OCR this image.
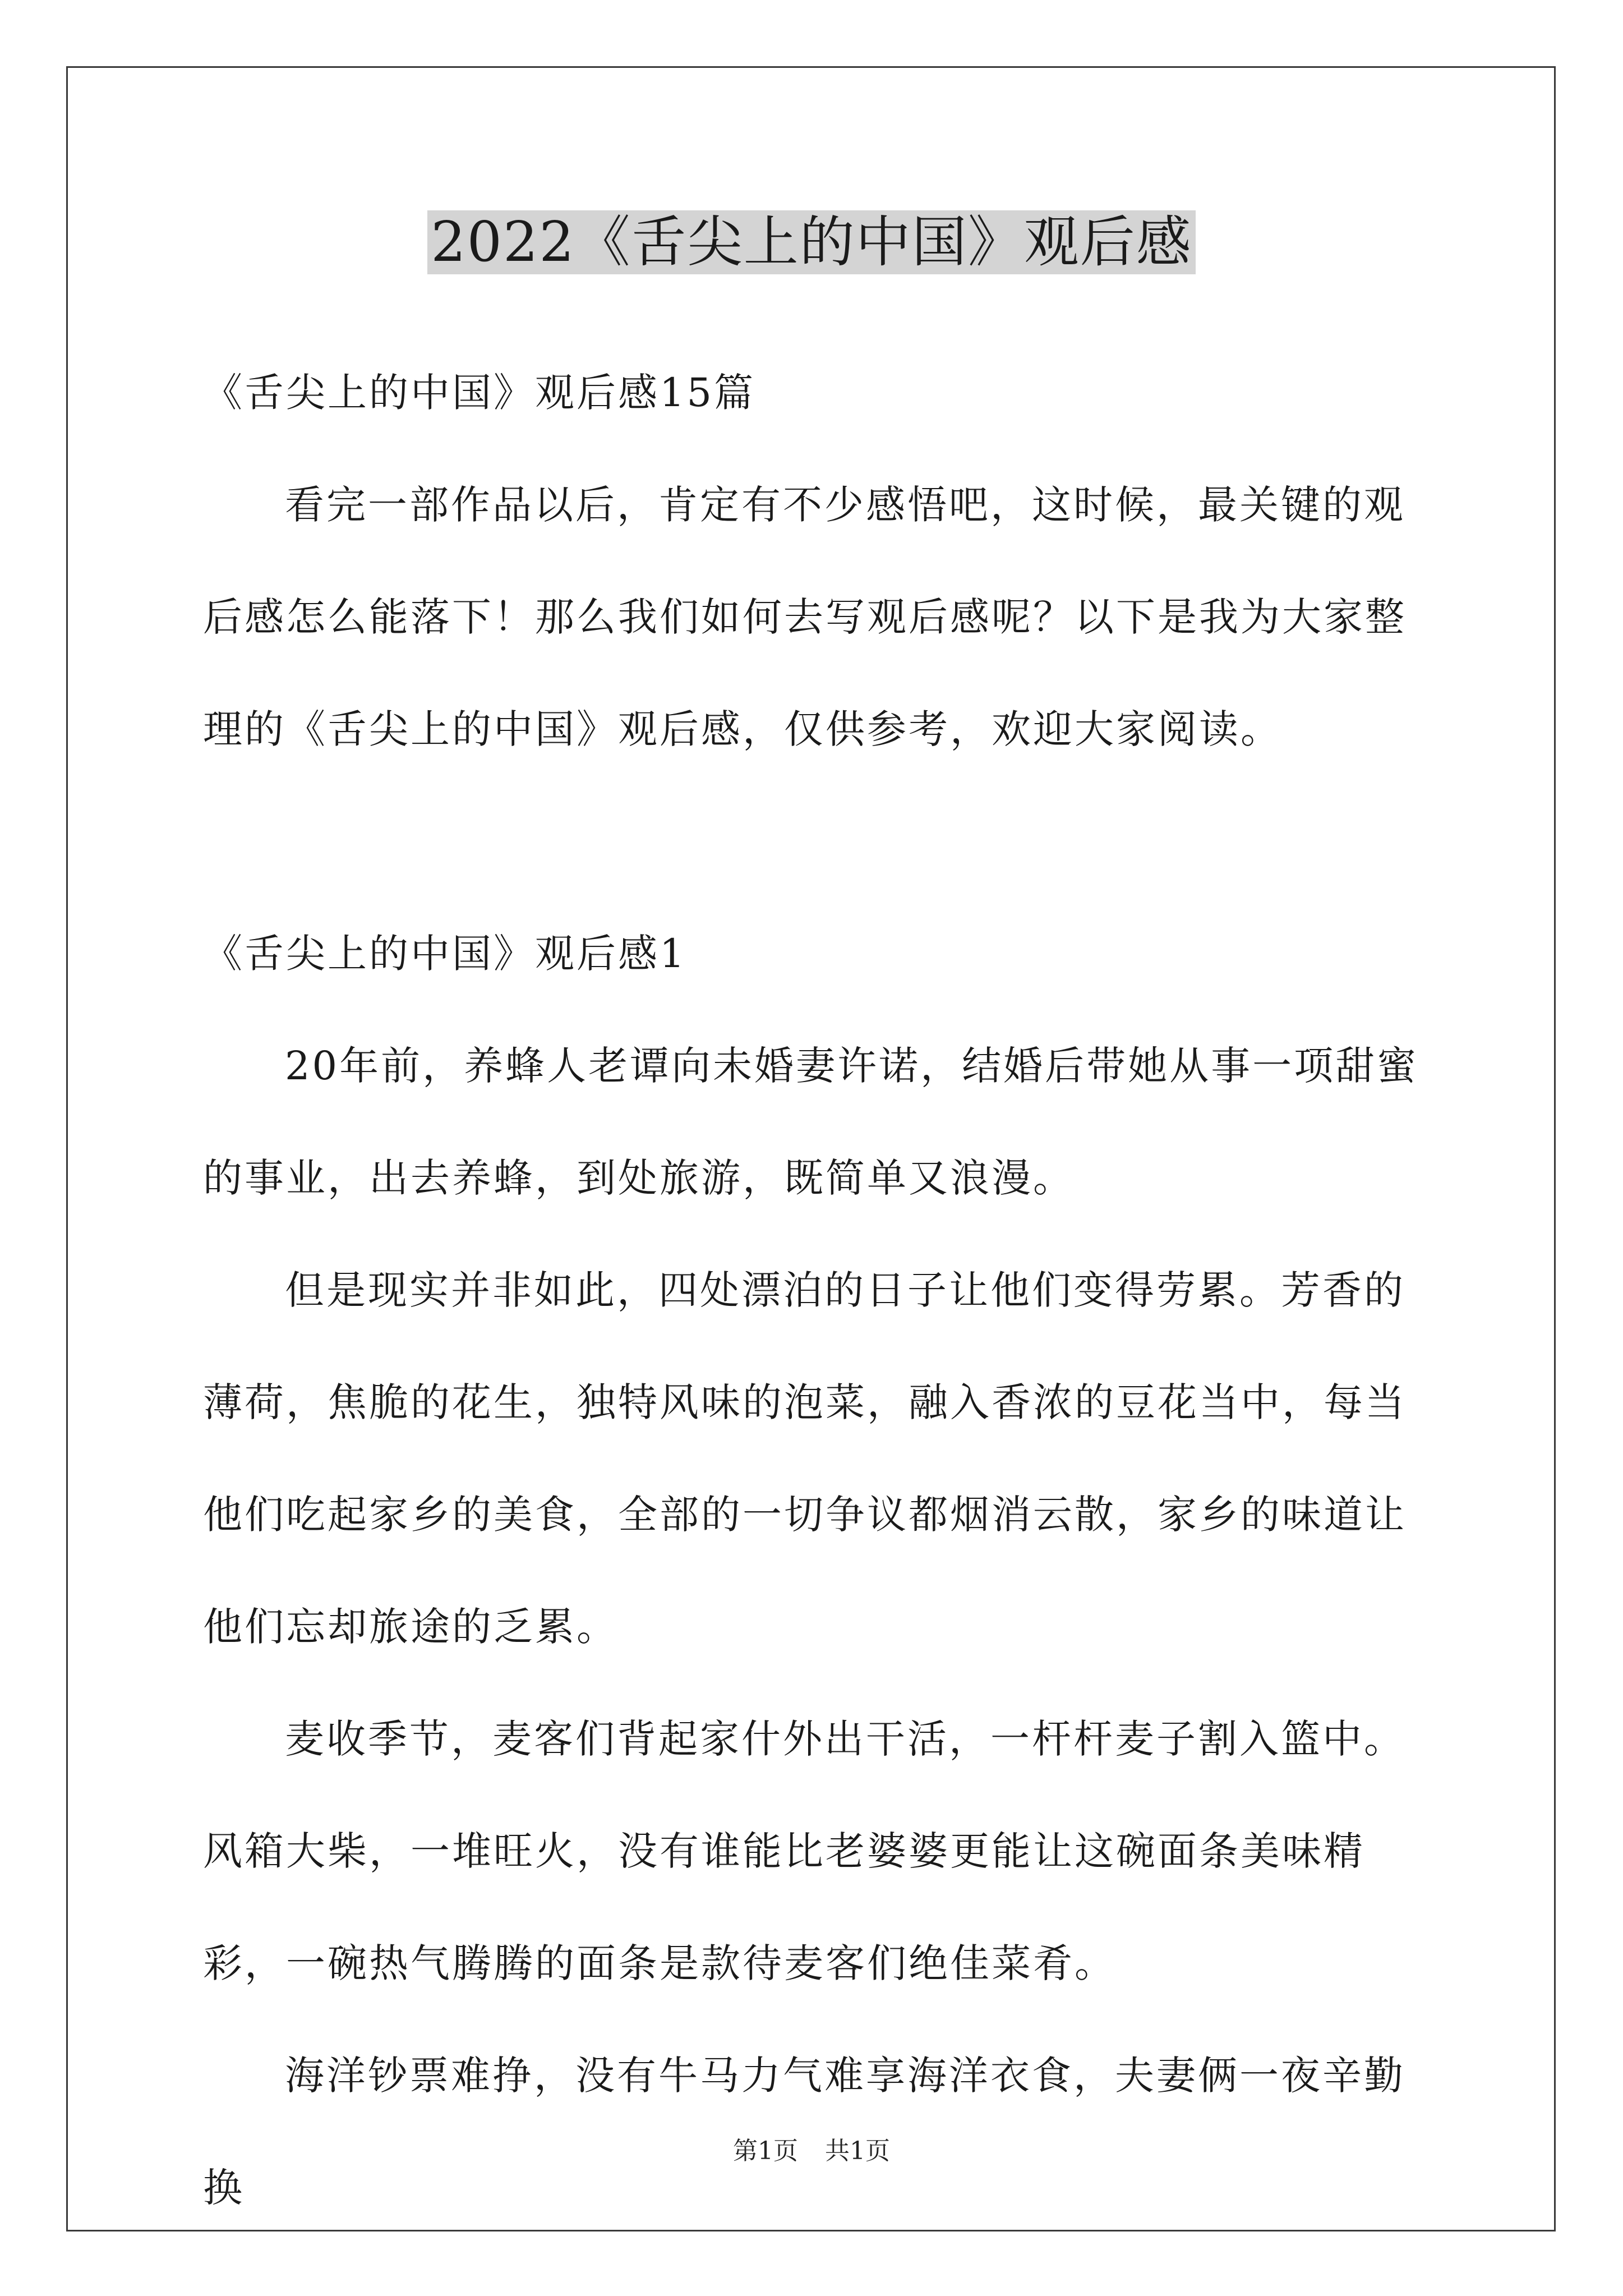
2022《舌尖上的中国》观后感

《舌尖上的中国》观后感15篇

看完一部作品以后，肯定有不少感悟吧，这时候，最关键的观后感怎么能落下！那么我们如何去写观后感呢？以下是我为大家整理的《舌尖上的中国》观后感，仅供参考，欢迎大家阅读。

《舌尖上的中国》观后感1

20年前，养蜂人老谭向未婚妻许诺，结婚后带她从事一项甜蜜的事业，出去养蜂，到处旅游，既简单又浪漫。

但是现实并非如此，四处漂泊的日子让他们变得劳累。芳香的薄荷，焦脆的花生，独特风味的泡菜，融入香浓的豆花当中，每当他们吃起家乡的美食，全部的一切争议都烟消云散，家乡的味道让他们忘却旅途的乏累。

麦收季节，麦客们背起家什外出干活，一杆杆麦子割入篮中。风箱大柴，一堆旺火，没有谁能比老婆婆更能让这碗面条美味精彩，一碗热气腾腾的面条是款待麦客们绝佳菜肴。

海洋钞票难挣，没有牛马力气难享海洋衣食，夫妻俩一夜辛勤换

第1页 共1页
